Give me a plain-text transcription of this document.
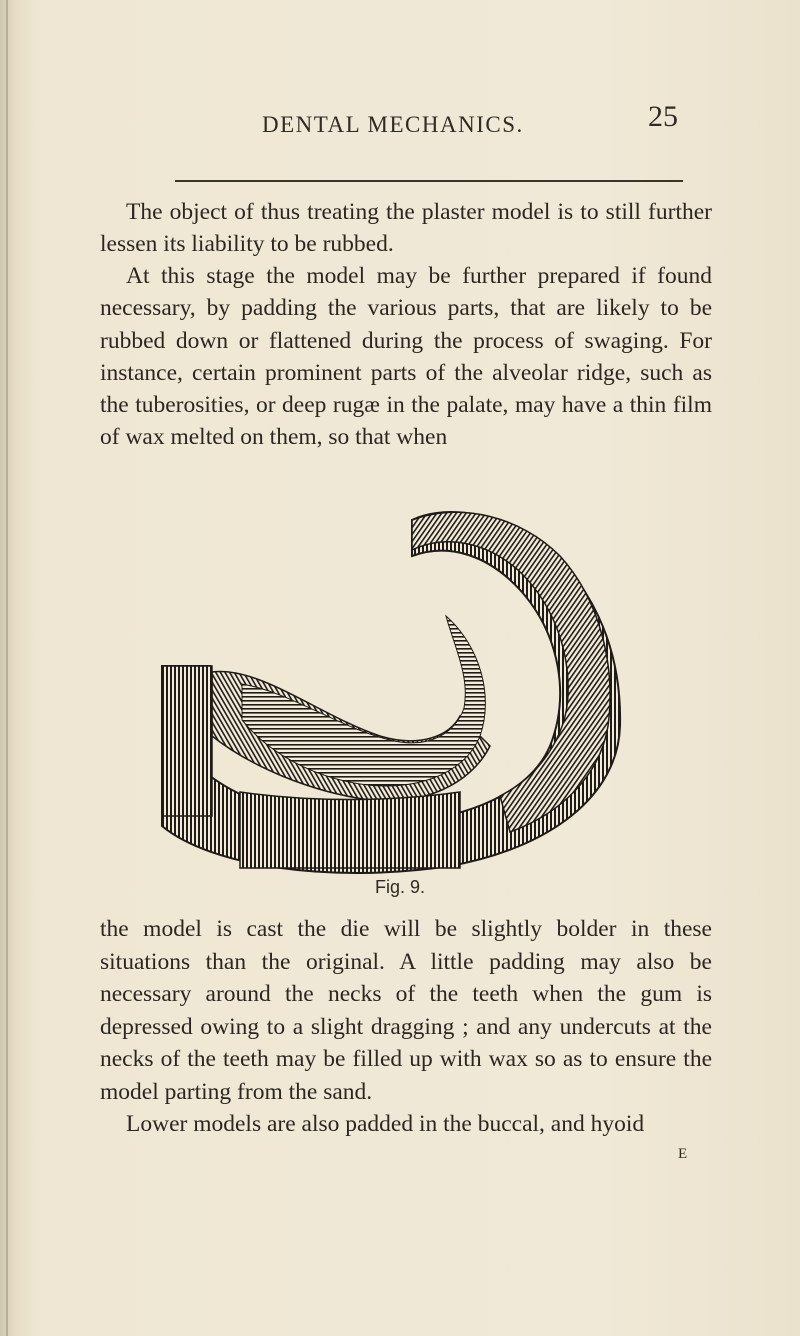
DENTAL MECHANICS.	25

The object of thus treating the plaster model is to still further lessen its liability to be rubbed.

At this stage the model may be further prepared if found necessary, by padding the various parts, that are likely to be rubbed down or flattened during the process of swaging. For instance, certain prominent parts of the alveolar ridge, such as the tuberosities, or deep rugæ in the palate, may have a thin film of wax melted on them, so that when

Fig. 9.

the model is cast the die will be slightly bolder in these situations than the original. A little padding may also be necessary around the necks of the teeth when the gum is depressed owing to a slight dragging ; and any undercuts at the necks of the teeth may be filled up with wax so as to ensure the model parting from the sand.

Lower models are also padded in the buccal, and hyoid

E
